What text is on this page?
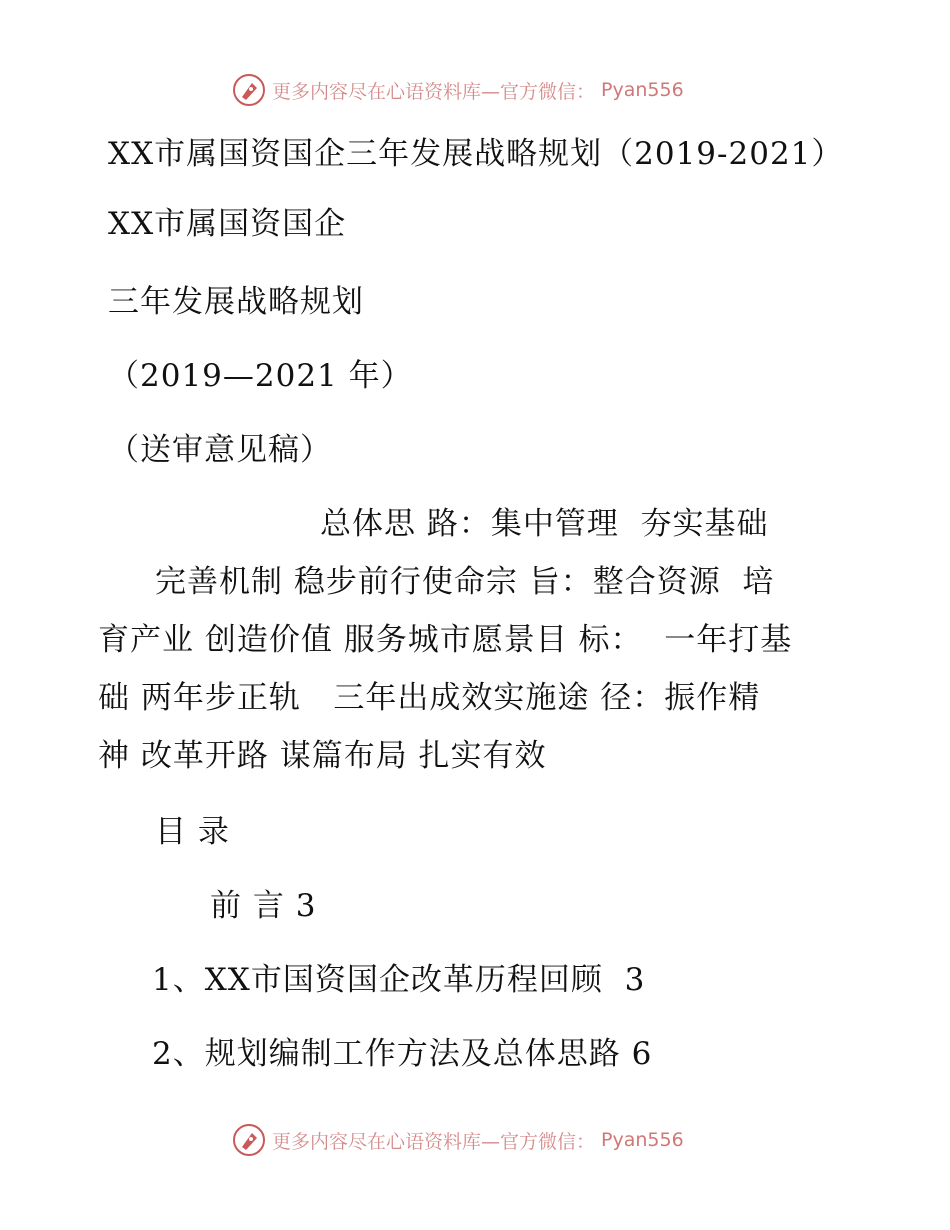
更多内容尽在心语资料库—官方微信： Pyan556
XX市属国资国企三年发展战略规划（2019-2021）
XX市属国资国企
三年发展战略规划
（2019—2021 年）
（送审意见稿）
总体思 路：集中管理  夯实基础
完善机制 稳步前行使命宗 旨：整合资源  培
育产业 创造价值 服务城市愿景目 标：  一年打基
础 两年步正轨   三年出成效实施途 径：振作精
神 改革开路 谋篇布局 扎实有效
目 录
前 言 3
1、XX市国资国企改革历程回顾  3
2、规划编制工作方法及总体思路 6
更多内容尽在心语资料库—官方微信： Pyan556
